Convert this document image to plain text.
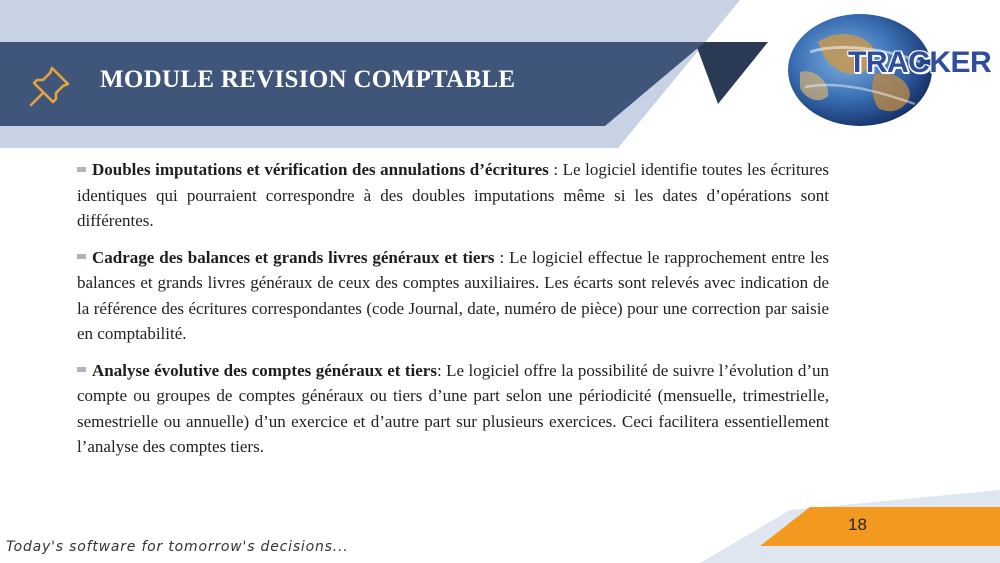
MODULE REVISION COMPTABLE
TRACKER

Doubles imputations et vérification des annulations d’écritures : Le logiciel identifie toutes les écritures identiques qui pourraient correspondre à des doubles imputations même si les dates d’opérations sont différentes.

Cadrage des balances et grands livres généraux et tiers : Le logiciel effectue le rapprochement entre les balances et grands livres généraux de ceux des comptes auxiliaires. Les écarts sont relevés avec indication de la référence des écritures correspondantes (code Journal, date, numéro de pièce) pour une correction par saisie en comptabilité.

Analyse évolutive des comptes généraux et tiers: Le logiciel offre la possibilité de suivre l’évolution d’un compte ou groupes de comptes généraux ou tiers d’une part selon une périodicité (mensuelle, trimestrielle, semestrielle ou annuelle) d’un exercice et d’autre part sur plusieurs exercices. Ceci facilitera essentiellement l’analyse des comptes tiers.

18
Today's software for tomorrow's decisions...
